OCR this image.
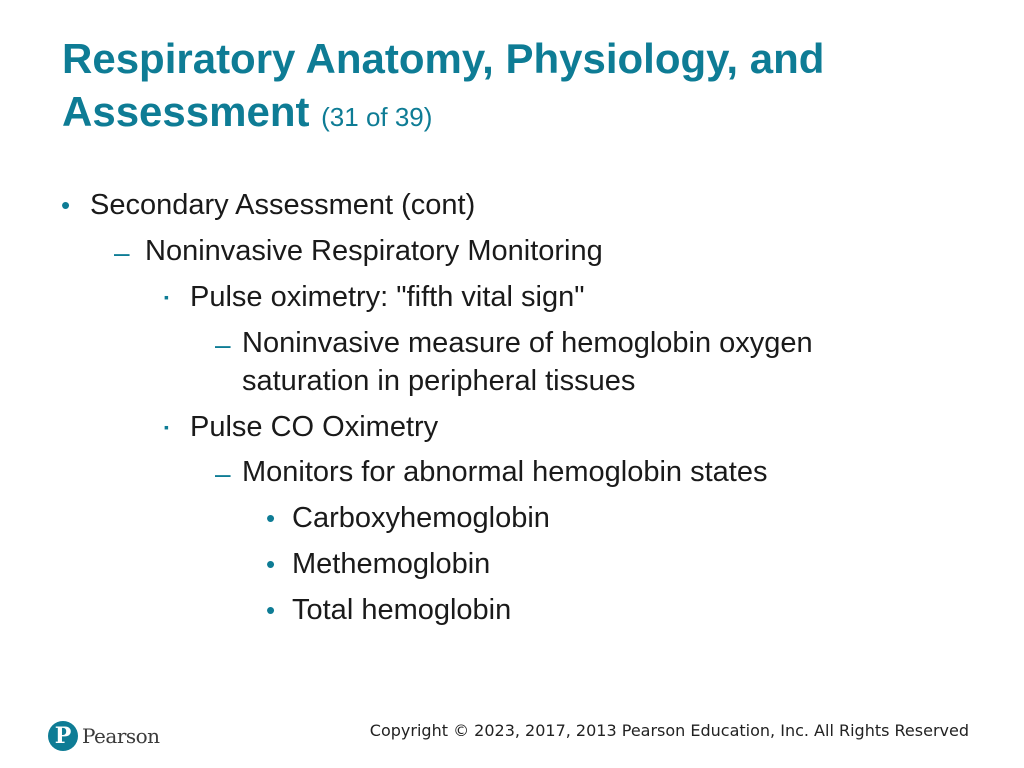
Respiratory Anatomy, Physiology, and Assessment (31 of 39)
• Secondary Assessment (cont)
– Noninvasive Respiratory Monitoring
▪ Pulse oximetry: "fifth vital sign"
– Noninvasive measure of hemoglobin oxygen
saturation in peripheral tissues
▪ Pulse CO Oximetry
– Monitors for abnormal hemoglobin states
• Carboxyhemoglobin
• Methemoglobin
• Total hemoglobin
P Pearson	Copyright © 2023, 2017, 2013 Pearson Education, Inc. All Rights Reserved
